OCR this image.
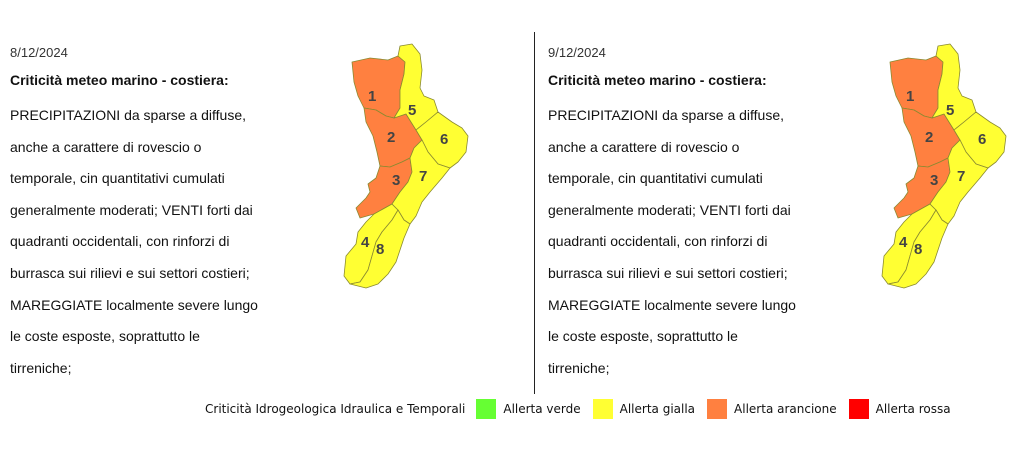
8/12/2024
Criticità meteo marino - costiera:
PRECIPITAZIONI da sparse a diffuse,
anche a carattere di rovescio o
temporale, cin quantitativi cumulati
generalmente moderati; VENTI forti dai
quadranti occidentali, con rinforzi di
burrasca sui rilievi e sui settori costieri;
MAREGGIATE localmente severe lungo
le coste esposte, soprattutto le
tirreniche;
1
2
3
4
5
6
7
8
9/12/2024
Criticità meteo marino - costiera:
PRECIPITAZIONI da sparse a diffuse,
anche a carattere di rovescio o
temporale, cin quantitativi cumulati
generalmente moderati; VENTI forti dai
quadranti occidentali, con rinforzi di
burrasca sui rilievi e sui settori costieri;
MAREGGIATE localmente severe lungo
le coste esposte, soprattutto le
tirreniche;
1
2
3
4
5
6
7
8
Criticità Idrogeologica Idraulica e Temporali	Allerta verde	Allerta gialla	Allerta arancione	Allerta rossa
